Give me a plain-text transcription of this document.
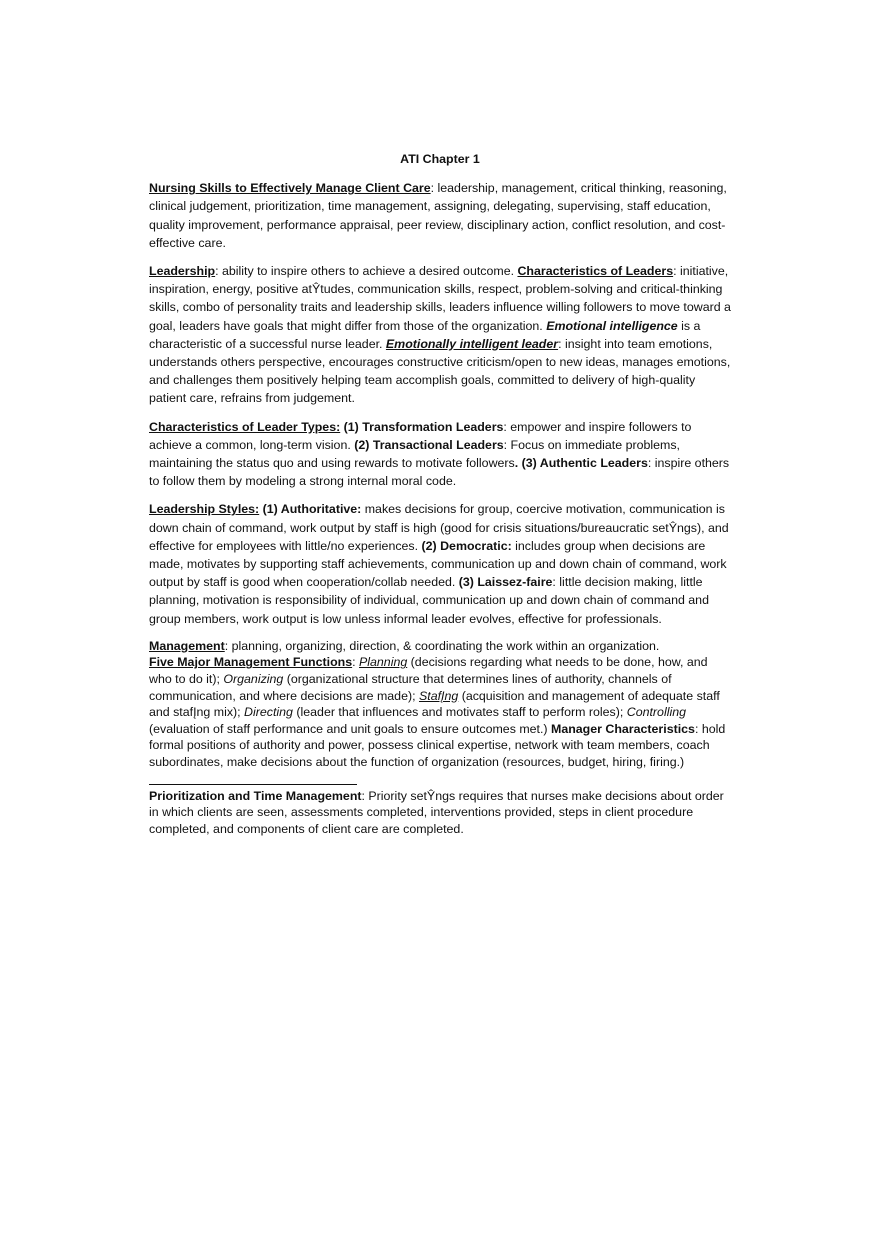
ATI Chapter 1

Nursing Skills to Effectively Manage Client Care: leadership, management, critical thinking, reasoning, clinical judgement, prioritization, time management, assigning, delegating, supervising, staff education, quality improvement, performance appraisal, peer review, disciplinary action, conflict resolution, and cost-effective care.

Leadership: ability to inspire others to achieve a desired outcome. Characteristics of Leaders: initiative, inspiration, energy, positive atŶtudes, communication skills, respect, problem-solving and critical-thinking skills, combo of personality traits and leadership skills, leaders influence willing followers to move toward a goal, leaders have goals that might differ from those of the organization. Emotional intelligence is a characteristic of a successful nurse leader. Emotionally intelligent leader: insight into team emotions, understands others perspective, encourages constructive criticism/open to new ideas, manages emotions, and challenges them positively helping team accomplish goals, committed to delivery of high-quality patient care, refrains from judgement.

Characteristics of Leader Types: (1) Transformation Leaders: empower and inspire followers to achieve a common, long-term vision. (2) Transactional Leaders: Focus on immediate problems, maintaining the status quo and using rewards to motivate followers. (3) Authentic Leaders: inspire others to follow them by modeling a strong internal moral code.

Leadership Styles: (1) Authoritative: makes decisions for group, coercive motivation, communication is down chain of command, work output by staff is high (good for crisis situations/bureaucratic setŶngs), and effective for employees with little/no experiences. (2) Democratic: includes group when decisions are made, motivates by supporting staff achievements, communication up and down chain of command, work output by staff is good when cooperation/collab needed. (3) Laissez-faire: little decision making, little planning, motivation is responsibility of individual, communication up and down chain of command and group members, work output is low unless informal leader evolves, effective for professionals.

Management: planning, organizing, direction, & coordinating the work within an organization.
Five Major Management Functions: Planning (decisions regarding what needs to be done, how, and who to do it); Organizing (organizational structure that determines lines of authority, channels of communication, and where decisions are made); StafĮng (acquisition and management of adequate staff and stafĮng mix); Directing (leader that influences and motivates staff to perform roles); Controlling (evaluation of staff performance and unit goals to ensure outcomes met.) Manager Characteristics: hold formal positions of authority and power, possess clinical expertise, network with team members, coach subordinates, make decisions about the function of organization (resources, budget, hiring, firing.)

Prioritization and Time Management: Priority setŶngs requires that nurses make decisions about order in which clients are seen, assessments completed, interventions provided, steps in client procedure completed, and components of client care are completed.
